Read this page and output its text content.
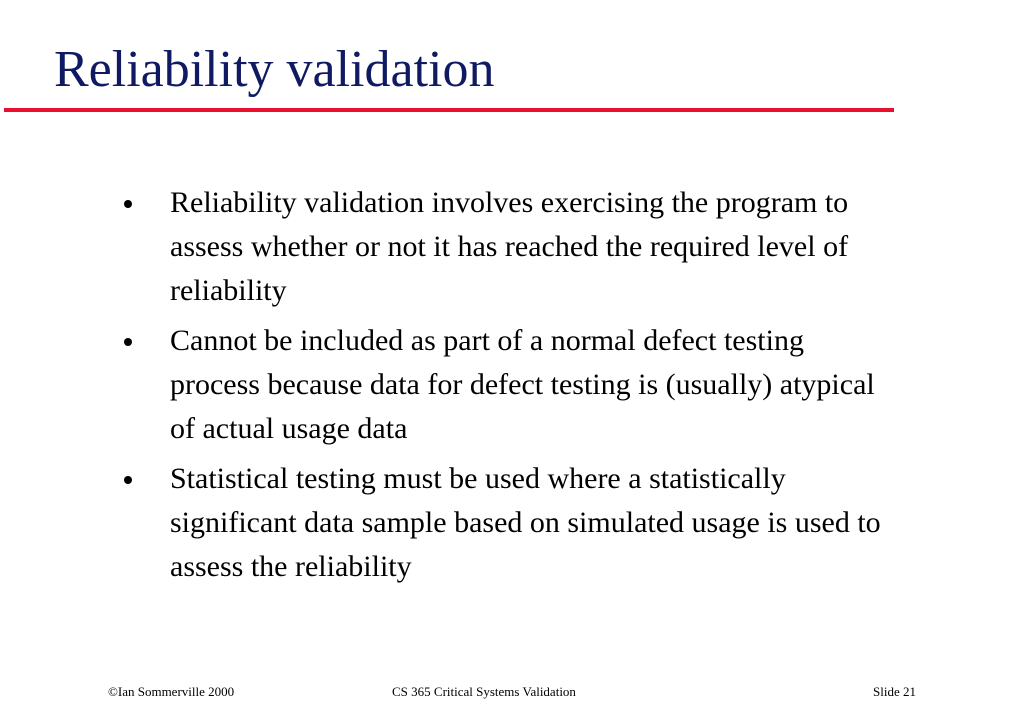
Reliability validation
Reliability validation involves exercising the program to assess whether or not it has reached the required level of reliability
Cannot be included as part of a normal defect testing process because data for defect testing is (usually) atypical of actual usage data
Statistical testing must be used where a statistically significant data sample based on simulated usage is used to assess the reliability
©Ian Sommerville 2000	CS 365 Critical Systems Validation	Slide 21
